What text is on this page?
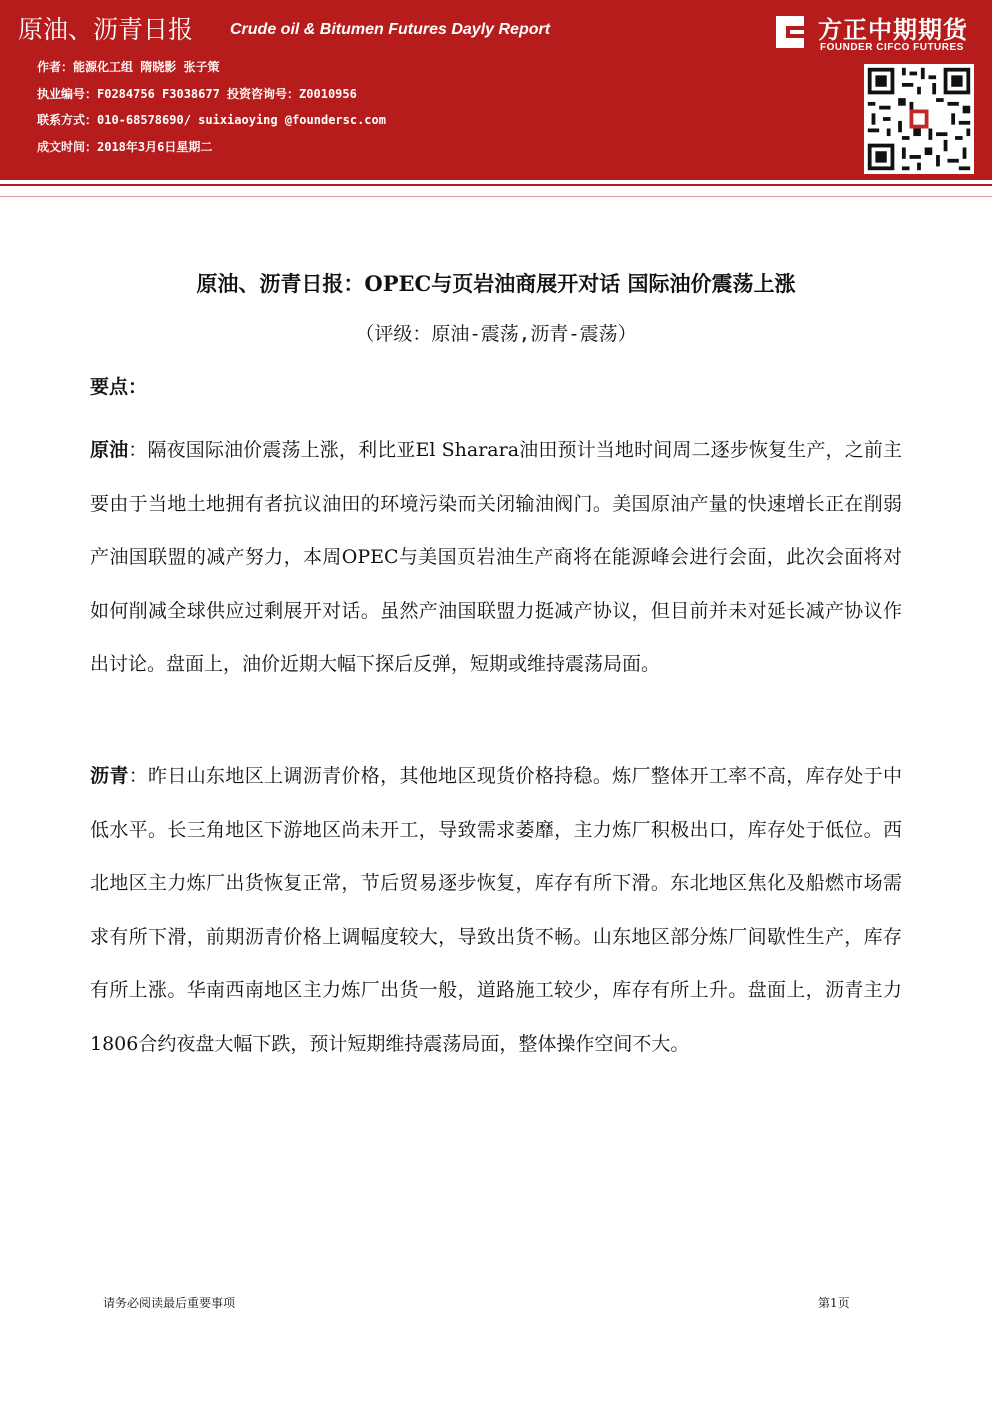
原油、沥青日报 Crude oil & Bitumen Futures Dayly Report
作者：能源化工组 隋晓影 张子策
执业编号：F0284756 F3038677 投资咨询号：Z0010956
联系方式：010-68578690/ suixiaoying @foundersc.com
成文时间：2018年3月6日星期二
方正中期期货
FOUNDER CIFCO FUTURES
原油、沥青日报：OPEC与页岩油商展开对话 国际油价震荡上涨
（评级：原油-震荡,沥青-震荡）
要点：
原油：隔夜国际油价震荡上涨，利比亚El Sharara油田预计当地时间周二逐步恢复生产，之前主要由于当地土地拥有者抗议油田的环境污染而关闭输油阀门。美国原油产量的快速增长正在削弱产油国联盟的减产努力，本周OPEC与美国页岩油生产商将在能源峰会进行会面，此次会面将对如何削减全球供应过剩展开对话。虽然产油国联盟力挺减产协议，但目前并未对延长减产协议作出讨论。盘面上，油价近期大幅下探后反弹，短期或维持震荡局面。
沥青：昨日山东地区上调沥青价格，其他地区现货价格持稳。炼厂整体开工率不高，库存处于中低水平。长三角地区下游地区尚未开工，导致需求萎靡，主力炼厂积极出口，库存处于低位。西北地区主力炼厂出货恢复正常，节后贸易逐步恢复，库存有所下滑。东北地区焦化及船燃市场需求有所下滑，前期沥青价格上调幅度较大，导致出货不畅。山东地区部分炼厂间歇性生产，库存有所上涨。华南西南地区主力炼厂出货一般，道路施工较少，库存有所上升。盘面上，沥青主力1806合约夜盘大幅下跌，预计短期维持震荡局面，整体操作空间不大。
请务必阅读最后重要事项	第1页
